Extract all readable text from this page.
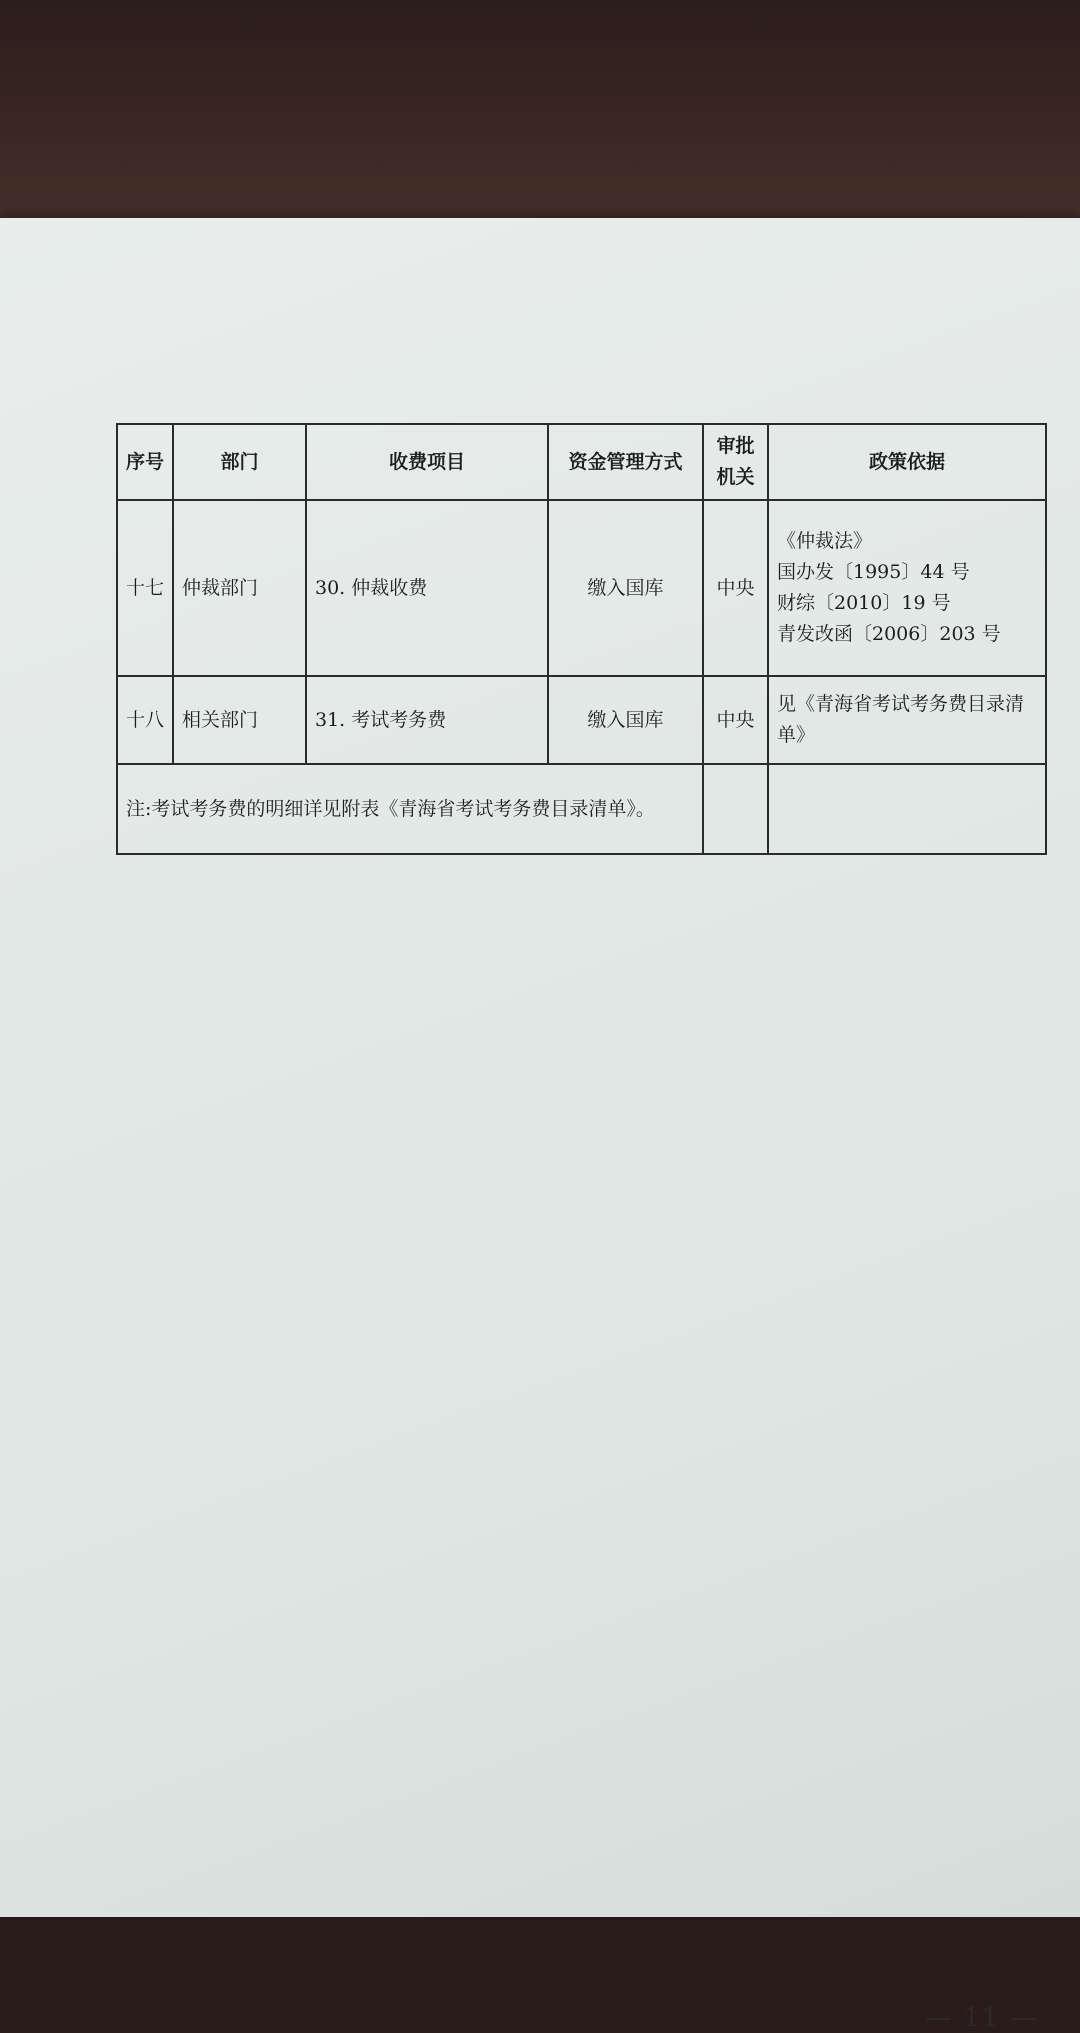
序号	部门	收费项目	资金管理方式	审批机关	政策依据
十七	仲裁部门	30. 仲裁收费	缴入国库	中央	《仲裁法》
国办发〔1995〕44 号
财综〔2010〕19 号
青发改函〔2006〕203 号

十八	相关部门	31. 考试考务费	缴入国库	中央	见《青海省考试考务费目录清单》

注:考试考务费的明细详见附表《青海省考试考务费目录清单》。					
— 11 —
